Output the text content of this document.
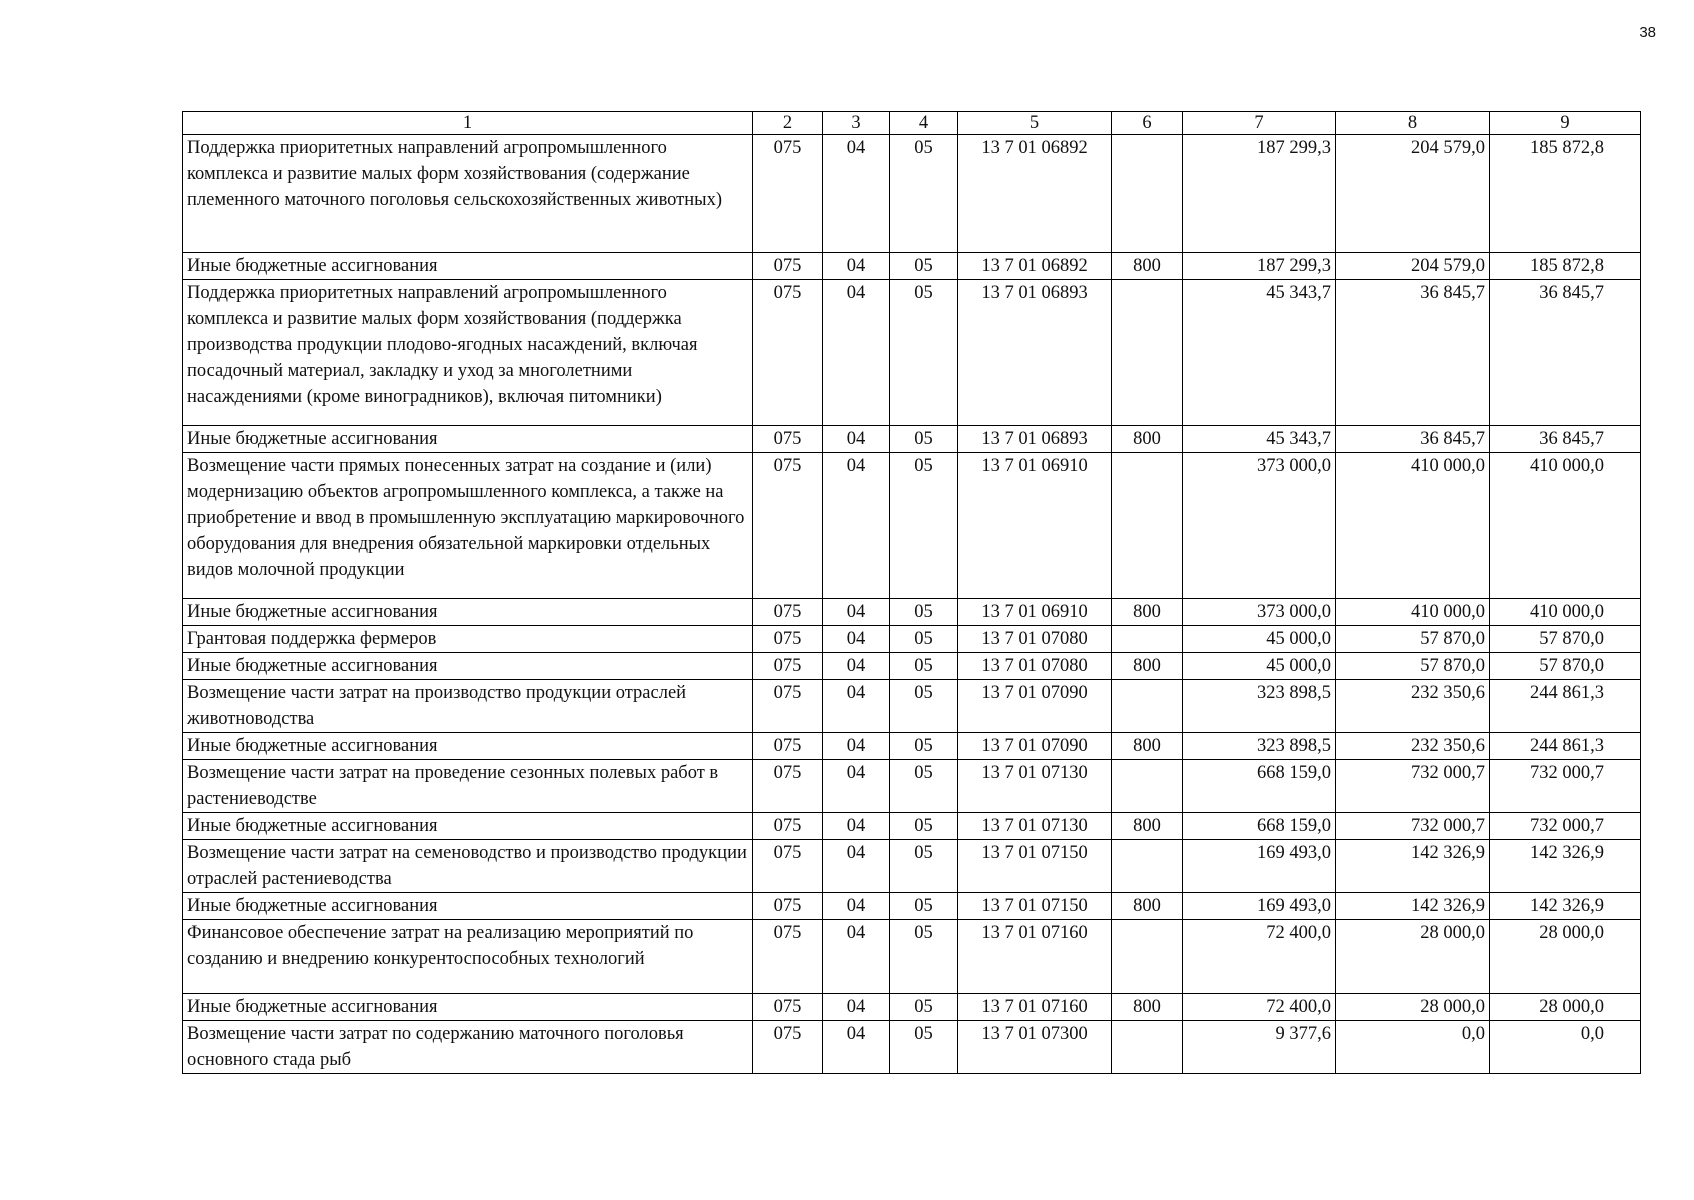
38
1	2	3	4	5	6	7	8	9
Поддержка приоритетных направлений агропромышленного комплекса и развитие малых форм хозяйствования (содержание племенного маточного поголовья сельскохозяйственных животных)	075	04	05	13 7 01 06892		187 299,3	204 579,0	185 872,8
Иные бюджетные ассигнования	075	04	05	13 7 01 06892	800	187 299,3	204 579,0	185 872,8
Поддержка приоритетных направлений агропромышленного комплекса и развитие малых форм хозяйствования (поддержка производства продукции плодово-ягодных насаждений, включая посадочный материал, закладку и уход за многолетними насаждениями (кроме виноградников), включая питомники)	075	04	05	13 7 01 06893		45 343,7	36 845,7	36 845,7
Иные бюджетные ассигнования	075	04	05	13 7 01 06893	800	45 343,7	36 845,7	36 845,7
Возмещение части прямых понесенных затрат на создание и (или) модернизацию объектов агропромышленного комплекса, а также на приобретение и ввод в промышленную эксплуатацию маркировочного оборудования для внедрения обязательной маркировки отдельных видов молочной продукции	075	04	05	13 7 01 06910		373 000,0	410 000,0	410 000,0
Иные бюджетные ассигнования	075	04	05	13 7 01 06910	800	373 000,0	410 000,0	410 000,0
Грантовая поддержка фермеров	075	04	05	13 7 01 07080		45 000,0	57 870,0	57 870,0
Иные бюджетные ассигнования	075	04	05	13 7 01 07080	800	45 000,0	57 870,0	57 870,0
Возмещение части затрат на производство продукции отраслей животноводства	075	04	05	13 7 01 07090		323 898,5	232 350,6	244 861,3
Иные бюджетные ассигнования	075	04	05	13 7 01 07090	800	323 898,5	232 350,6	244 861,3
Возмещение части затрат на проведение сезонных полевых работ в растениеводстве	075	04	05	13 7 01 07130		668 159,0	732 000,7	732 000,7
Иные бюджетные ассигнования	075	04	05	13 7 01 07130	800	668 159,0	732 000,7	732 000,7
Возмещение части затрат на семеноводство и производство продукции отраслей растениеводства	075	04	05	13 7 01 07150		169 493,0	142 326,9	142 326,9
Иные бюджетные ассигнования	075	04	05	13 7 01 07150	800	169 493,0	142 326,9	142 326,9
Финансовое обеспечение затрат на реализацию мероприятий по созданию и внедрению конкурентоспособных технологий	075	04	05	13 7 01 07160		72 400,0	28 000,0	28 000,0
Иные бюджетные ассигнования	075	04	05	13 7 01 07160	800	72 400,0	28 000,0	28 000,0
Возмещение части затрат по содержанию маточного поголовья основного стада рыб	075	04	05	13 7 01 07300		9 377,6	0,0	0,0
